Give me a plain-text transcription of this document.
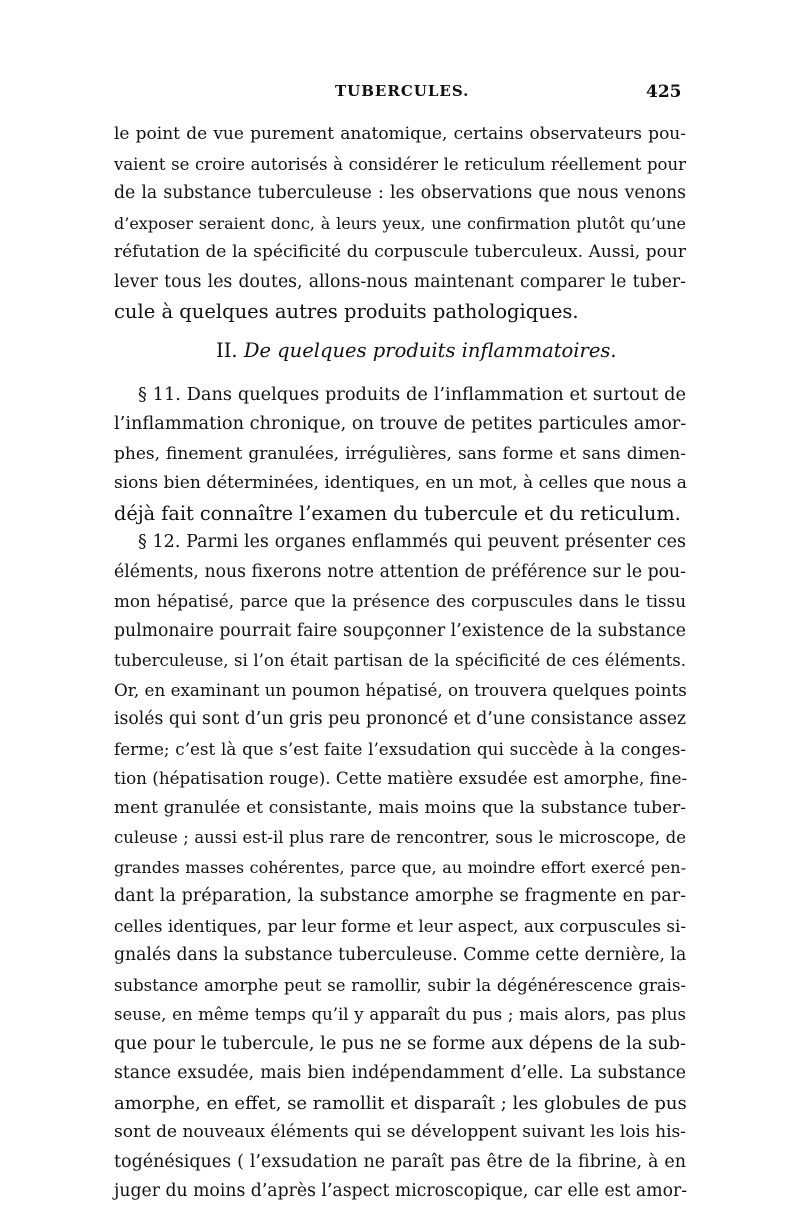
TUBERCULES.	425
le point de vue purement anatomique, certains observateurs pou-
vaient se croire autorisés à considérer le reticulum réellement pour
de la substance tuberculeuse : les observations que nous venons
d’exposer seraient donc, à leurs yeux, une confirmation plutôt qu’une
réfutation de la spécificité du corpuscule tuberculeux. Aussi, pour
lever tous les doutes, allons-nous maintenant comparer le tuber-
cule à quelques autres produits pathologiques.
II. De quelques produits inflammatoires.
§ 11. Dans quelques produits de l’inflammation et surtout de
l’inflammation chronique, on trouve de petites particules amor-
phes, finement granulées, irrégulières, sans forme et sans dimen-
sions bien déterminées, identiques, en un mot, à celles que nous a
déjà fait connaître l’examen du tubercule et du reticulum.
§ 12. Parmi les organes enflammés qui peuvent présenter ces
éléments, nous fixerons notre attention de préférence sur le pou-
mon hépatisé, parce que la présence des corpuscules dans le tissu
pulmonaire pourrait faire soupçonner l’existence de la substance
tuberculeuse, si l’on était partisan de la spécificité de ces éléments.
Or, en examinant un poumon hépatisé, on trouvera quelques points
isolés qui sont d’un gris peu prononcé et d’une consistance assez
ferme; c’est là que s’est faite l’exsudation qui succède à la conges-
tion (hépatisation rouge). Cette matière exsudée est amorphe, fine-
ment granulée et consistante, mais moins que la substance tuber-
culeuse ; aussi est-il plus rare de rencontrer, sous le microscope, de
grandes masses cohérentes, parce que, au moindre effort exercé pen-
dant la préparation, la substance amorphe se fragmente en par-
celles identiques, par leur forme et leur aspect, aux corpuscules si-
gnalés dans la substance tuberculeuse. Comme cette dernière, la
substance amorphe peut se ramollir, subir la dégénérescence grais-
seuse, en même temps qu’il y apparaît du pus ; mais alors, pas plus
que pour le tubercule, le pus ne se forme aux dépens de la sub-
stance exsudée, mais bien indépendamment d’elle. La substance
amorphe, en effet, se ramollit et disparaît ; les globules de pus
sont de nouveaux éléments qui se développent suivant les lois his-
togénésiques ( l’exsudation ne paraît pas être de la fibrine, à en
juger du moins d’après l’aspect microscopique, car elle est amor-
